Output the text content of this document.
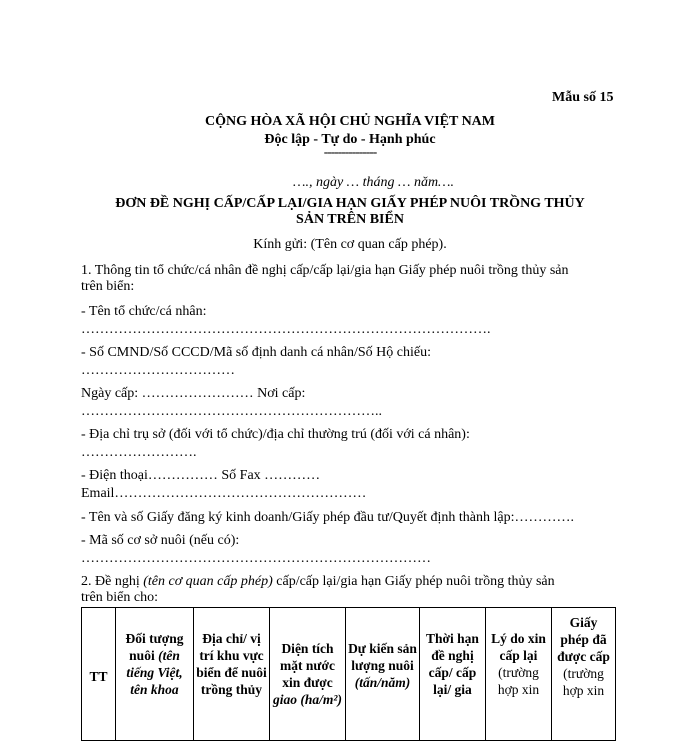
Mẫu số 15
CỘNG HÒA XÃ HỘI CHỦ NGHĨA VIỆT NAM
Độc lập - Tự do - Hạnh phúc
---------------
…., ngày … tháng … năm….
ĐƠN ĐỀ NGHỊ CẤP/CẤP LẠI/GIA HẠN GIẤY PHÉP NUÔI TRỒNG THỦY
SẢN TRÊN BIỂN
Kính gửi: (Tên cơ quan cấp phép).
1. Thông tin tổ chức/cá nhân đề nghị cấp/cấp lại/gia hạn Giấy phép nuôi trồng thủy sản
trên biển:
- Tên tổ chức/cá nhân:
…………………………………………………………………………….
- Số CMND/Số CCCD/Mã số định danh cá nhân/Số Hộ chiếu:
……………………………
Ngày cấp: …………………… Nơi cấp:
………………………………………………………..
- Địa chỉ trụ sở (đối với tổ chức)/địa chỉ thường trú (đối với cá nhân):
…………………….
- Điện thoại…………… Số Fax …………
Email………………………………………………
- Tên và số Giấy đăng ký kinh doanh/Giấy phép đầu tư/Quyết định thành lập:………….
- Mã số cơ sở nuôi (nếu có):
…………………………………………………………………
2. Đề nghị (tên cơ quan cấp phép) cấp/cấp lại/gia hạn Giấy phép nuôi trồng thủy sản
trên biển cho:
TT	Đối tượng nuôi (tên tiếng Việt, tên khoa	Địa chỉ/ vị trí khu vực biển để nuôi trồng thủy	Diện tích mặt nước xin được giao (ha/m²)	Dự kiến sản lượng nuôi (tấn/năm)	Thời hạn đề nghị cấp/ cấp lại/ gia	Lý do xin cấp lại (trường hợp xin	Giấy phép đã được cấp (trường hợp xin
